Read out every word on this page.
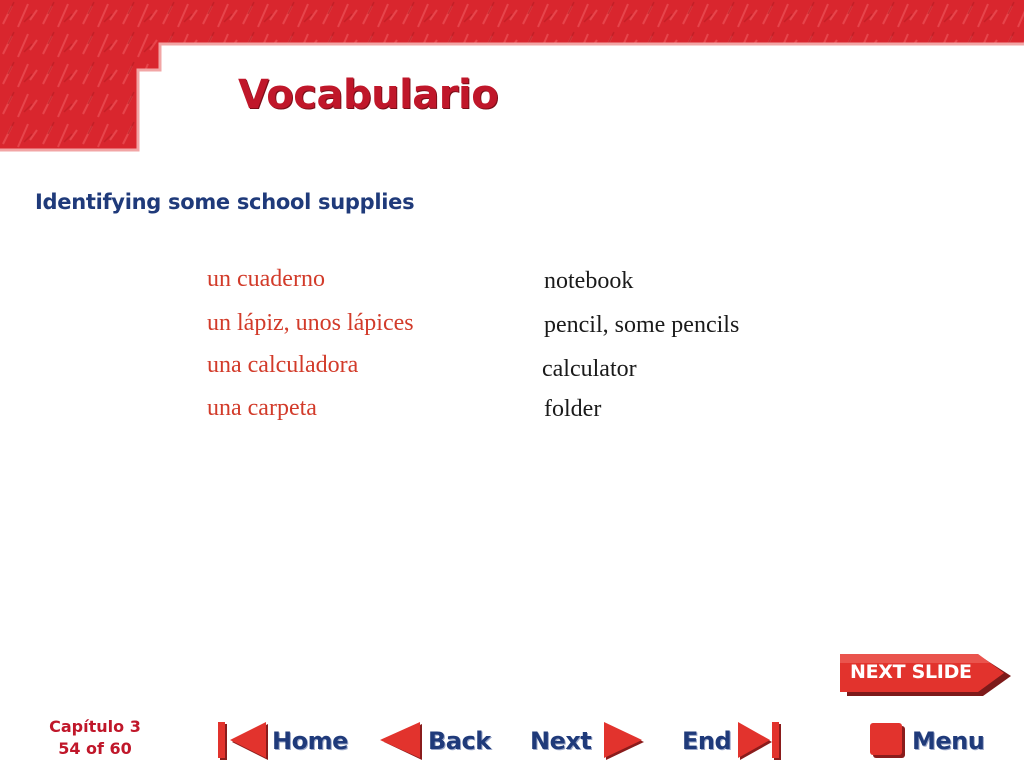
Vocabulario
Identifying some school supplies
un cuaderno	notebook
un lápiz, unos lápices	pencil, some pencils
una calculadora	calculator
una carpeta	folder
NEXT SLIDE
Capítulo 3
54 of 60	Home	Back Next	End	Menu
